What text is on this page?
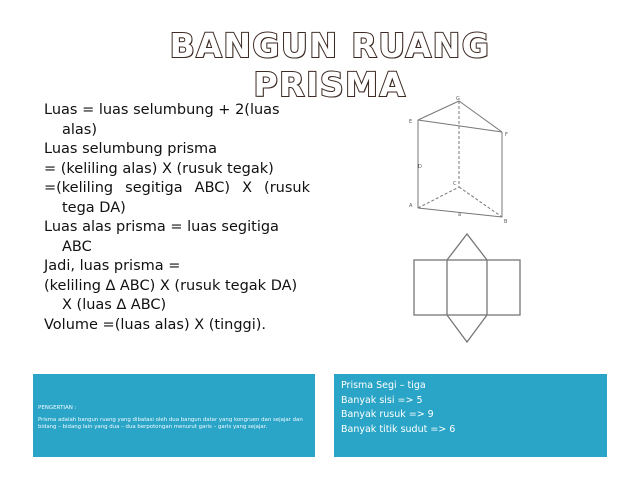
BANGUN RUANG PRISMA

Luas = luas selumbung + 2(luas alas)

Luas selumbung prisma

= (keliling alas) X (rusuk tegak)

=(keliling segitiga ABC) X (rusuk tega DA)

Luas alas prisma = luas segitiga ABC

Jadi, luas prisma =

(keliling ∆ ABC) X (rusuk tegak DA) X (luas ∆ ABC)

Volume =(luas alas) X (tinggi).

G
E
F
A
C
B
D
a
PENGERTIAN :
Prisma adalah bangun ruang yang dibatasi oleh dua bangun datar yang kongruen dan sejajar dan bidang – bidang lain yang dua – dua berpotongan menurut garis – garis yang sejajar.
Prisma Segi – tiga
Banyak sisi => 5
Banyak rusuk => 9
Banyak titik sudut => 6
